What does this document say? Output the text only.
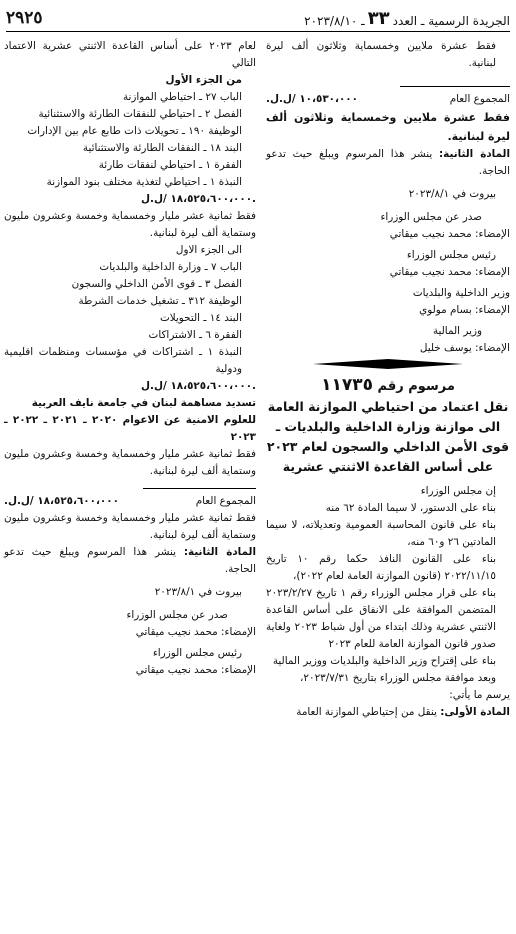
الجريدة الرسمية ـ العدد
٣٣
ـ ٢٠٢٣/٨/١٠
٢٩٢٥

فقط عشرة ملايين وخمسماية وثلاثون ألف ليرة لبنانية.

المجموع العام
١٠،٥٣٠،٠٠٠ /ل.ل.

فقط عشرة ملايين وخمسماية وثلاثون ألف ليرة لبنانية.

المادة الثانية: ينشر هذا المرسوم ويبلغ حيث تدعو الحاجة.

بيروت في ٢٠٢٣/٨/١

صدر عن مجلس الوزراء

الإمضاء: محمد نجيب ميقاتي

رئيس مجلس الوزراء

الإمضاء: محمد نجيب ميقاتي

وزير الداخلية والبلديات

الإمضاء: بسام مولوي

وزير المالية

الإمضاء: يوسف خليل

مرسوم رقم ١١٧٣٥
نقل اعتماد من احتياطي الموازنة العامة
الى موازنة وزارة الداخلية والبلديات ـ
قوى الأمن الداخلي والسجون لعام ٢٠٢٣
على أساس القاعدة الاثنتي عشرية

إن مجلس الوزراء

بناء على الدستور، لا سيما المادة ٦٢ منه

بناء على قانون المحاسبة العمومية وتعديلاته، لا سيما المادتين ٢٦ و٦٠ منه،

بناء على القانون النافذ حكما رقم ١٠ تاريخ ٢٠٢٢/١١/١٥ (قانون الموازنة العامة لعام ٢٠٢٢)،

بناء على قرار مجلس الوزراء رقم ١ تاريخ ٢٠٢٣/٢/٢٧ المتضمن الموافقة على الانفاق على أساس القاعدة الاثنتي عشرية وذلك ابتداء من أول شباط ٢٠٢٣ ولغاية صدور قانون الموازنة العامة للعام ٢٠٢٣

بناء على إقتراح وزير الداخلية والبلديات ووزير المالية

وبعد موافقة مجلس الوزراء بتاريخ ٢٠٢٣/٧/٣١،

يرسم ما يأتي:

المادة الأولى: ينقل من إحتياطي الموازنة العامة

لعام ٢٠٢٣ على أساس القاعدة الاثنتي عشرية الاعتماد التالي

من الجزء الأول

الباب ٢٧ ـ احتياطي الموازنة

الفصل ٢ ـ احتياطي للنفقات الطارئة والاستثنائية

الوظيفة ١٩٠ ـ تحويلات ذات طابع عام بين الإدارات

البند ١٨ ـ النفقات الطارئة والاستثنائية

الفقرة ١ ـ احتياطي لنفقات طارئة

النبذة ١ ـ احتياطي لتغذية مختلف بنود الموازنة

١٨،٥٢٥،٦٠٠،٠٠٠ /ل.ل.

فقط ثمانية عشر مليار وخمسماية وخمسة وعشرون مليون وستماية ألف ليرة لبنانية.

الى الجزء الاول

الباب ٧ ـ وزارة الداخلية والبلديات

الفصل ٣ ـ قوى الأمن الداخلي والسجون

الوظيفة ٣١٢ ـ تشغيل خدمات الشرطة

البند ١٤ ـ التحويلات

الفقرة ٦ ـ الاشتراكات

النبذة ١ ـ اشتراكات في مؤسسات ومنظمات اقليمية ودولية

١٨،٥٢٥،٦٠٠،٠٠٠ /ل.ل.

تسديد مساهمة لبنان في جامعة نايف العربية

للعلوم الامنية عن الاعوام ٢٠٢٠ ـ ٢٠٢١ ـ ٢٠٢٢ ـ ٢٠٢٣

فقط ثمانية عشر مليار وخمسماية وخمسة وعشرون مليون وستماية ألف ليرة لبنانية.

المجموع العام
١٨،٥٢٥،٦٠٠،٠٠٠ /ل.ل.

فقط ثمانية عشر مليار وخمسماية وخمسة وعشرون مليون وستماية ألف ليرة لبنانية.

المادة الثانية: ينشر هذا المرسوم ويبلغ حيث تدعو الحاجة.

بيروت في ٢٠٢٣/٨/١

صدر عن مجلس الوزراء

الإمضاء: محمد نجيب ميقاتي

رئيس مجلس الوزراء

الإمضاء: محمد نجيب ميقاتي
